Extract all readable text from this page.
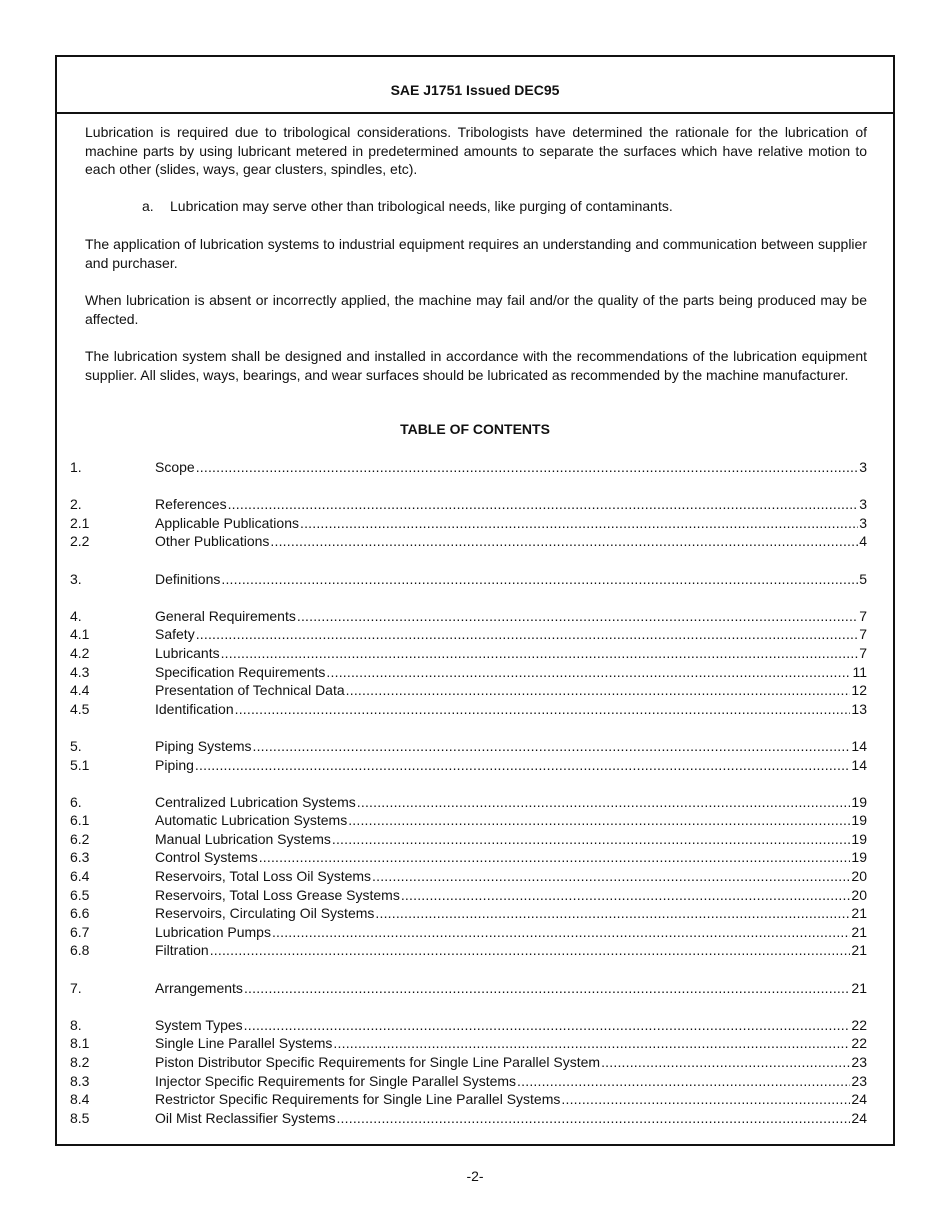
SAE J1751 Issued DEC95

Lubrication is required due to tribological considerations. Tribologists have determined the rationale for the lubrication of machine parts by using lubricant metered in predetermined amounts to separate the surfaces which have relative motion to each other (slides, ways, gear clusters, spindles, etc).

a. Lubrication may serve other than tribological needs, like purging of contaminants.

The application of lubrication systems to industrial equipment requires an understanding and communication between supplier and purchaser.

When lubrication is absent or incorrectly applied, the machine may fail and/or the quality of the parts being produced may be affected.

The lubrication system shall be designed and installed in accordance with the recommendations of the lubrication equipment supplier. All slides, ways, bearings, and wear surfaces should be lubricated as recommended by the machine manufacturer.

TABLE OF CONTENTS
1.	Scope .....	3
2.	References .....	3
2.1	Applicable Publications .....	3
2.2	Other Publications .....	4
3.	Definitions .....	5
4.	General Requirements .....	7
4.1	Safety .....	7
4.2	Lubricants .....	7
4.3	Specification Requirements .....	11
4.4	Presentation of Technical Data .....	12
4.5	Identification .....	13
5.	Piping Systems .....	14
5.1	Piping .....	14
6.	Centralized Lubrication Systems .....	19
6.1	Automatic Lubrication Systems .....	19
6.2	Manual Lubrication Systems .....	19
6.3	Control Systems .....	19
6.4	Reservoirs, Total Loss Oil Systems .....	20
6.5	Reservoirs, Total Loss Grease Systems .....	20
6.6	Reservoirs, Circulating Oil Systems .....	21
6.7	Lubrication Pumps .....	21
6.8	Filtration .....	21
7.	Arrangements .....	21
8.	System Types .....	22
8.1	Single Line Parallel Systems .....	22
8.2	Piston Distributor Specific Requirements for Single Line Parallel System .....	23
8.3	Injector Specific Requirements for Single Parallel Systems .....	23
8.4	Restrictor Specific Requirements for Single Line Parallel Systems .....	24
8.5	Oil Mist Reclassifier Systems .....	24
-2-
